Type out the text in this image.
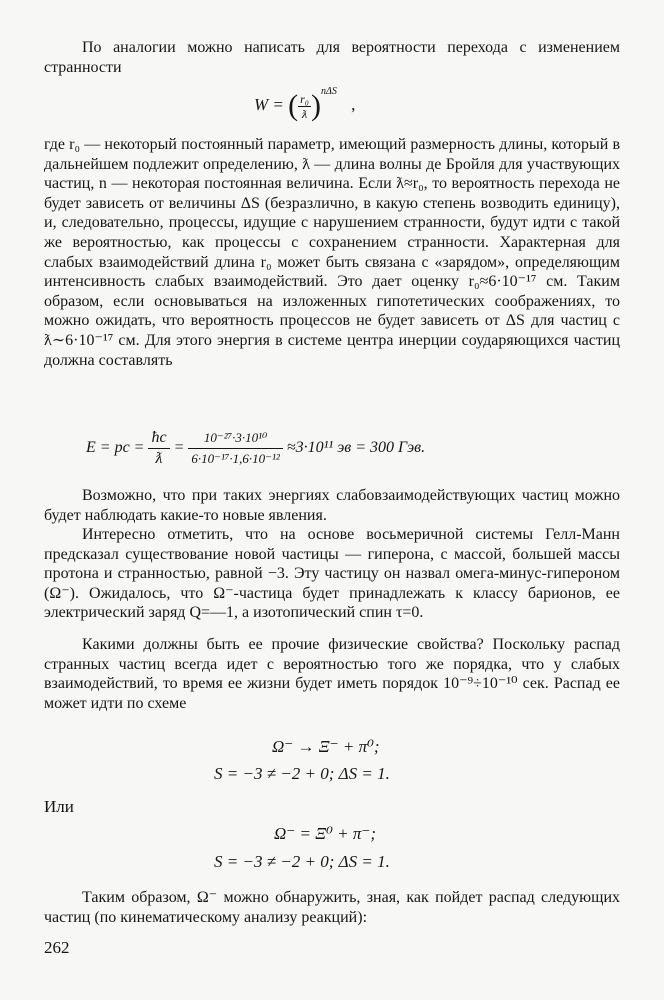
По аналогии можно написать для вероятности перехода с изменением странности

W = ( $\frac{\text{r₀}}{ƛ} )^{n\Delta S}$ ,

где r₀ — некоторый постоянный параметр, имеющий размерность длины, который в дальнейшем подлежит определению, ƛ — длина волны де Бройля для участвующих частиц, n — некоторая постоянная величина. Если ƛ≈r₀, то вероятность перехода не будет зависеть от величины ΔS (безразлично, в какую степень возводить единицу), и, следовательно, процессы, идущие с нарушением странности, будут идти с такой же вероятностью, как процессы с сохранением странности. Характерная для слабых взаимодействий длина r₀ может быть связана с «зарядом», определяющим интенсивность слабых взаимодействий. Это дает оценку r₀≈6·10⁻¹⁷ см. Таким образом, если основываться на изложенных гипотетических соображениях, то можно ожидать, что вероятность процессов не будет зависеть от ΔS для частиц с ƛ∼6·10⁻¹⁷ см. Для этого энергия в системе центра инерции соударяющихся частиц должна составлять

E = pc = $\frac{ħc}{ƛ} = \frac{\text{10⁻²⁷·3·10¹⁰}}{\text{6·10⁻¹⁷·1,6·10⁻¹²}} \approx 3\cdot 10^{11}$ эв = 300 Гэв.

Возможно, что при таких энергиях слабовзаимодействующих частиц можно будет наблюдать какие-то новые явления.

Интересно отметить, что на основе восьмеричной системы Гелл-Манн предсказал существование новой частицы — гиперона, с массой, большей массы протона и странностью, равной −3. Эту частицу он назвал омега-минус-гипероном (Ω⁻). Ожидалось, что Ω⁻-частица будет принадлежать к классу барионов, ее электрический заряд Q=—1, а изотопический спин τ=0.

Какими должны быть ее прочие физические свойства? Поскольку распад странных частиц всегда идет с вероятностью того же порядка, что у слабых взаимодействий, то время ее жизни будет иметь порядок 10⁻⁹÷10⁻¹⁰ сек. Распад ее может идти по схеме

Ω⁻ → Ξ⁻ + π⁰;
S = −3 ≠ −2 + 0; ΔS = 1.
Или
Ω⁻ = Ξ⁰ + π⁻;
S = −3 ≠ −2 + 0; ΔS = 1.

Таким образом, Ω⁻ можно обнаружить, зная, как пойдет распад следующих частиц (по кинематическому анализу реакций):

262
